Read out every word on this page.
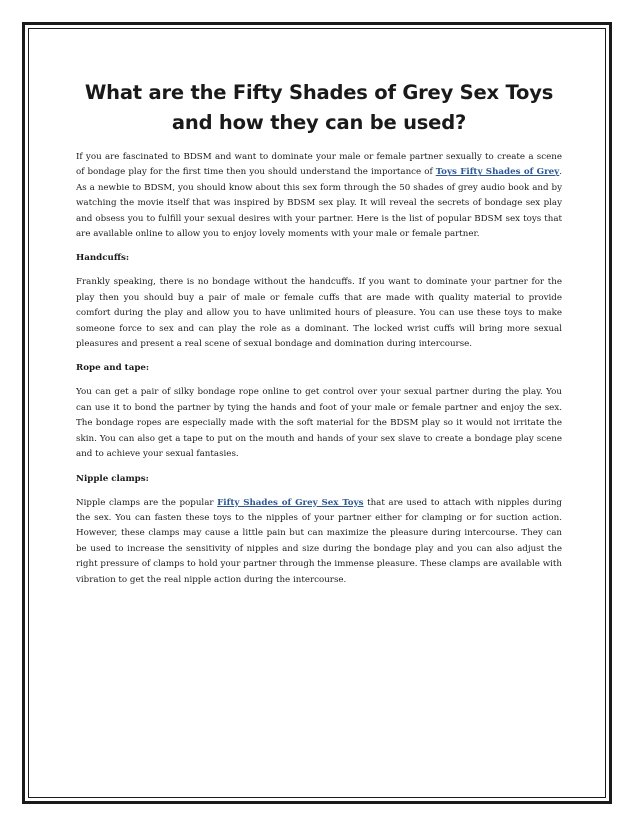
What are the Fifty Shades of Grey Sex Toys and how they can be used?

If you are fascinated to BDSM and want to dominate your male or female partner sexually to create a scene of bondage play for the first time then you should understand the importance of Toys Fifty Shades of Grey. As a newbie to BDSM, you should know about this sex form through the 50 shades of grey audio book and by watching the movie itself that was inspired by BDSM sex play. It will reveal the secrets of bondage sex play and obsess you to fulfill your sexual desires with your partner. Here is the list of popular BDSM sex toys that are available online to allow you to enjoy lovely moments with your male or female partner.

Handcuffs:

Frankly speaking, there is no bondage without the handcuffs. If you want to dominate your partner for the play then you should buy a pair of male or female cuffs that are made with quality material to provide comfort during the play and allow you to have unlimited hours of pleasure. You can use these toys to make someone force to sex and can play the role as a dominant. The locked wrist cuffs will bring more sexual pleasures and present a real scene of sexual bondage and domination during intercourse.

Rope and tape:

You can get a pair of silky bondage rope online to get control over your sexual partner during the play. You can use it to bond the partner by tying the hands and foot of your male or female partner and enjoy the sex. The bondage ropes are especially made with the soft material for the BDSM play so it would not irritate the skin. You can also get a tape to put on the mouth and hands of your sex slave to create a bondage play scene and to achieve your sexual fantasies.

Nipple clamps:

Nipple clamps are the popular Fifty Shades of Grey Sex Toys that are used to attach with nipples during the sex. You can fasten these toys to the nipples of your partner either for clamping or for suction action. However, these clamps may cause a little pain but can maximize the pleasure during intercourse. They can be used to increase the sensitivity of nipples and size during the bondage play and you can also adjust the right pressure of clamps to hold your partner through the immense pleasure. These clamps are available with vibration to get the real nipple action during the intercourse.
